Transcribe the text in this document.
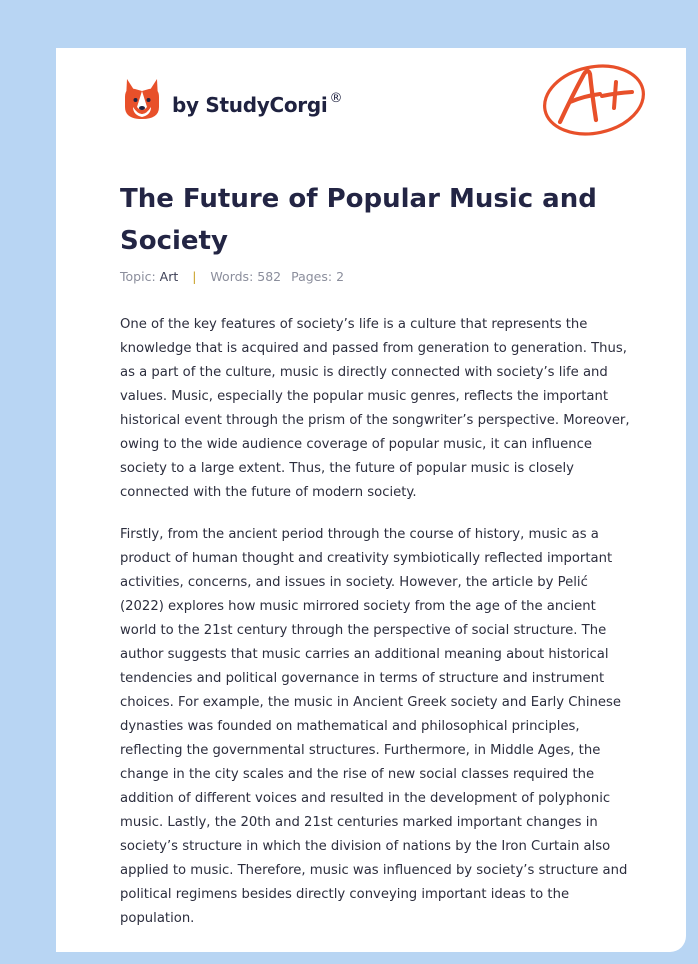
by StudyCorgi ®
The Future of Popular Music and Society
Topic: Art | Words: 582 Pages: 2

One of the key features of society’s life is a culture that represents the knowledge that is acquired and passed from generation to generation. Thus, as a part of the culture, music is directly connected with society’s life and values. Music, especially the popular music genres, reflects the important historical event through the prism of the songwriter’s perspective. Moreover, owing to the wide audience coverage of popular music, it can influence society to a large extent. Thus, the future of popular music is closely connected with the future of modern society.

Firstly, from the ancient period through the course of history, music as a product of human thought and creativity symbiotically reflected important activities, concerns, and issues in society. However, the article by Pelić (2022) explores how music mirrored society from the age of the ancient world to the 21st century through the perspective of social structure. The author suggests that music carries an additional meaning about historical tendencies and political governance in terms of structure and instrument choices. For example, the music in Ancient Greek society and Early Chinese dynasties was founded on mathematical and philosophical principles, reflecting the governmental structures. Furthermore, in Middle Ages, the change in the city scales and the rise of new social classes required the addition of different voices and resulted in the development of polyphonic music. Lastly, the 20th and 21st centuries marked important changes in society’s structure in which the division of nations by the Iron Curtain also applied to music. Therefore, music was influenced by society’s structure and political regimens besides directly conveying important ideas to the population.
